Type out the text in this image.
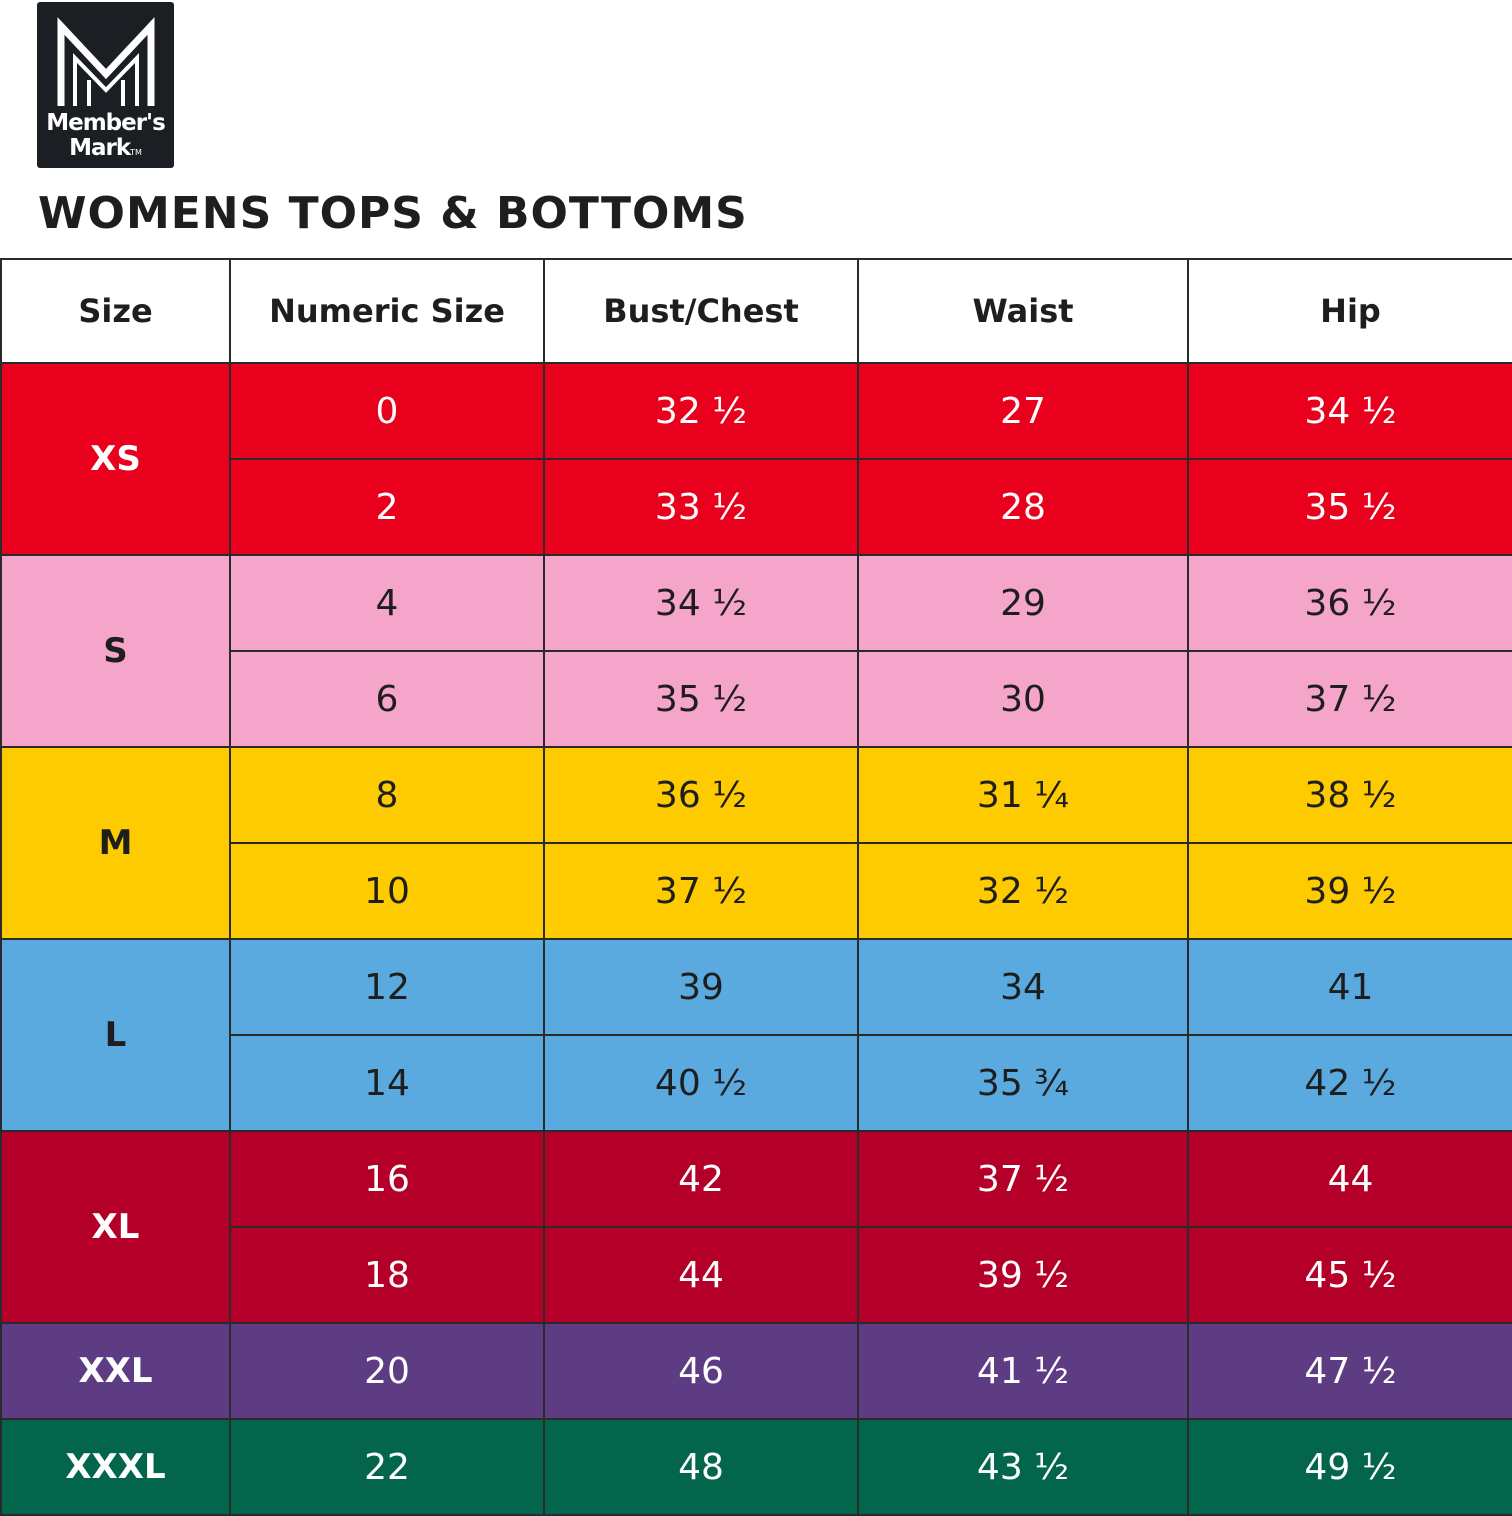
Member's
MarkTM
WOMENS TOPS & BOTTOMS
Size	Numeric Size	Bust/Chest	Waist	Hip
XS	0	32 ½	27	34 ½
	2	33 ½	28	35 ½
S	4	34 ½	29	36 ½
	6	35 ½	30	37 ½
M	8	36 ½	31 ¼	38 ½
	10	37 ½	32 ½	39 ½
L	12	39	34	41
	14	40 ½	35 ¾	42 ½
XL	16	42	37 ½	44
	18	44	39 ½	45 ½
XXL	20	46	41 ½	47 ½
XXXL	22	48	43 ½	49 ½
